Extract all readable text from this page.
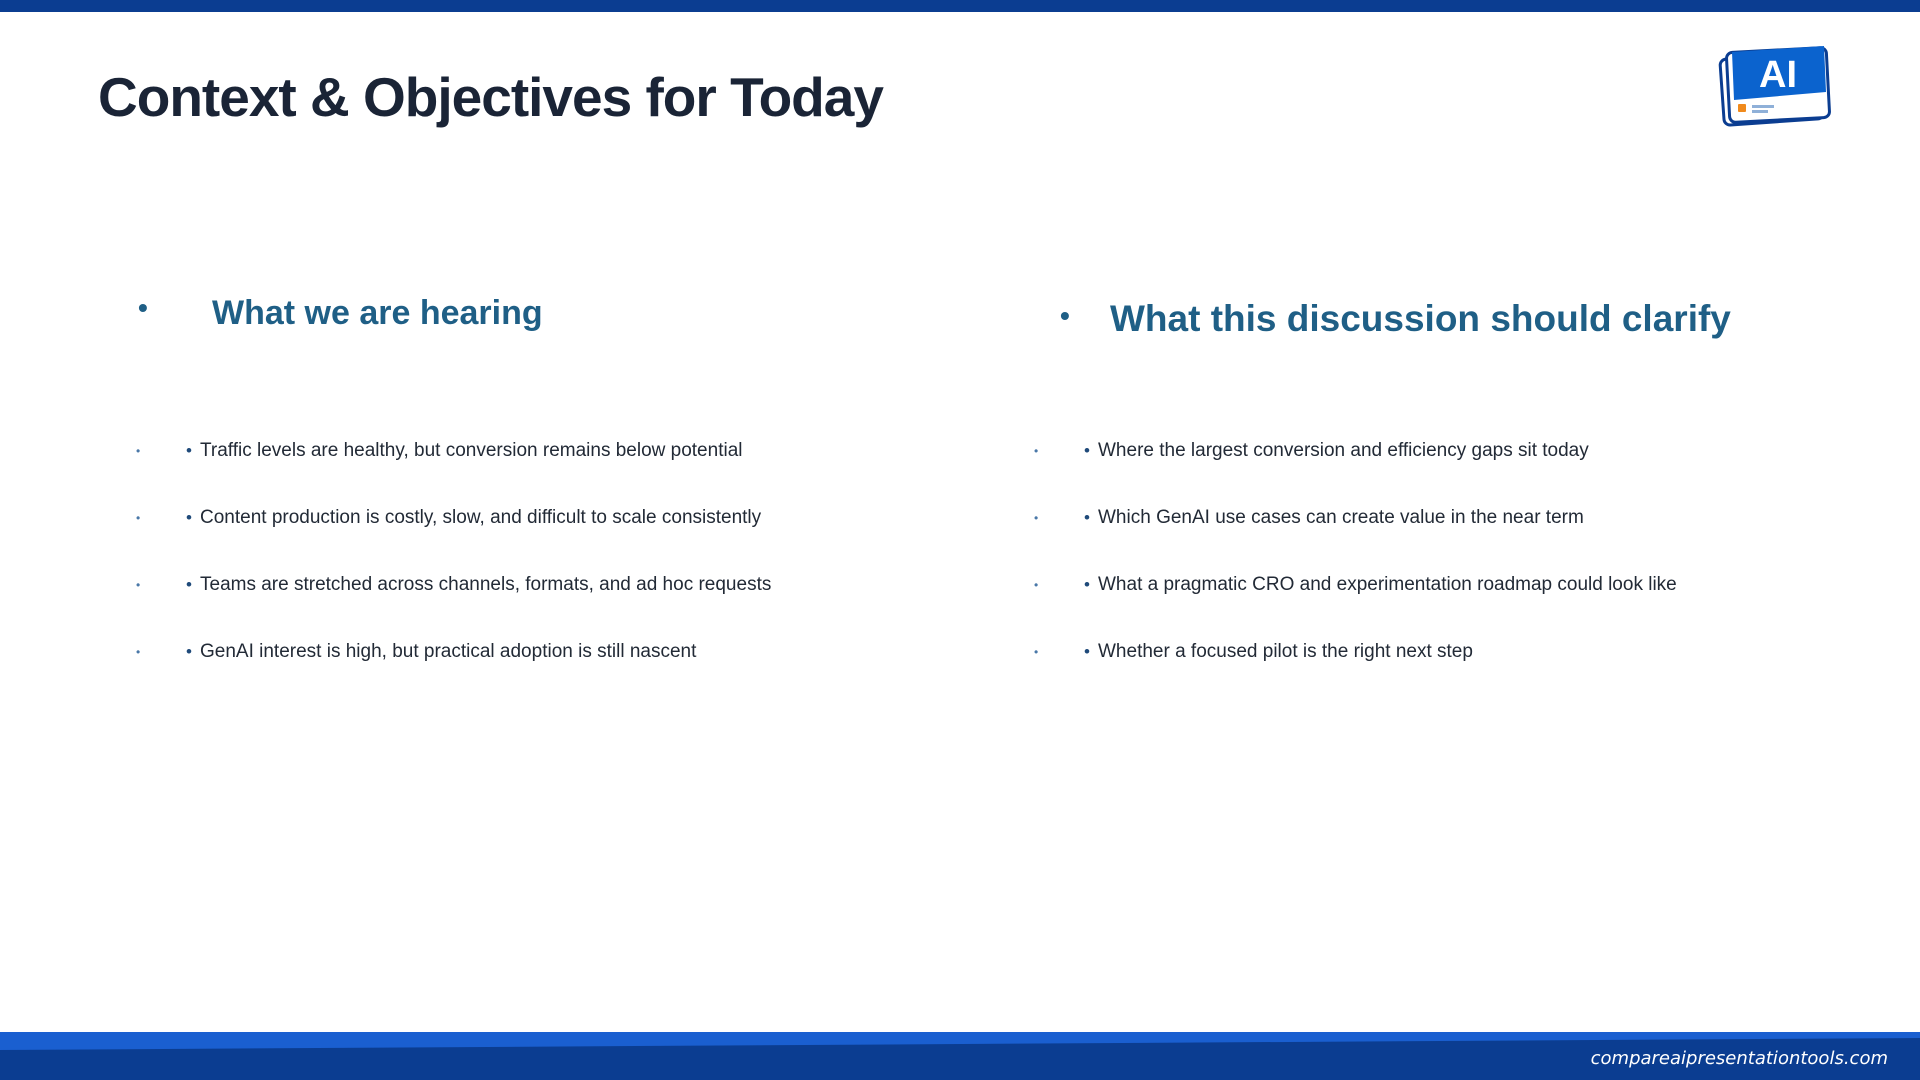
Context & Objectives for Today	AI
• What we are hearing	• What this discussion should clarify
•	• Traffic levels are healthy, but conversion remains below potential
•	• Content production is costly, slow, and difficult to scale consistently
•	• Teams are stretched across channels, formats, and ad hoc requests
•	• GenAI interest is high, but practical adoption is still nascent
•	• Where the largest conversion and efficiency gaps sit today
•	• Which GenAI use cases can create value in the near term
•	• What a pragmatic CRO and experimentation roadmap could look like
•	• Whether a focused pilot is the right next step
compareaipresentationtools.com
